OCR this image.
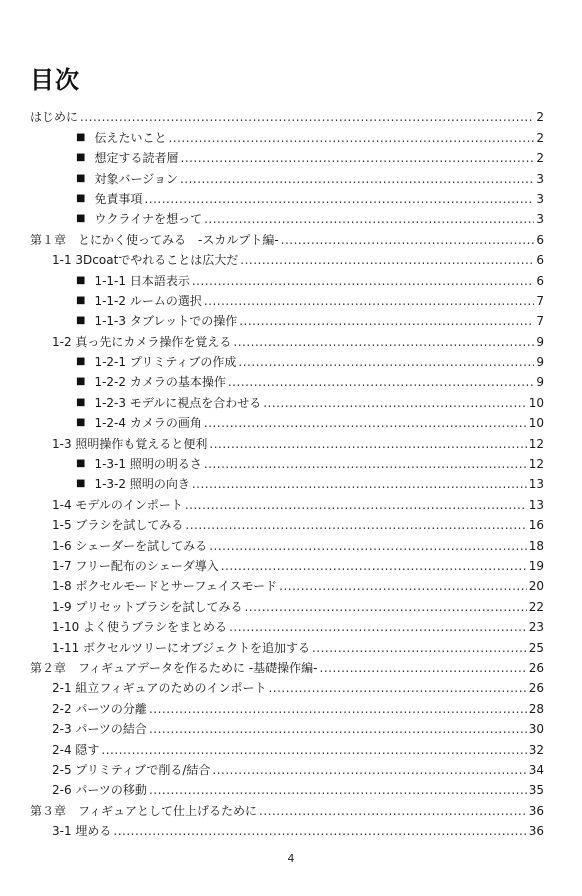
目次
はじめに .....	2
■ 伝えたいこと .....	2
■ 想定する読者層 .....	2
■ 対象バージョン .....	3
■ 免責事項 .....	3
■ ウクライナを想って .....	3
第１章　とにかく使ってみる　-スカルプト編- .....	6
1-1 3Dcoatでやれることは広大だ .....	6
■ 1-1-1 日本語表示 .....	6
■ 1-1-2 ルームの選択 .....	7
■ 1-1-3 タブレットでの操作 .....	7
1-2 真っ先にカメラ操作を覚える .....	9
■ 1-2-1 プリミティブの作成 .....	9
■ 1-2-2 カメラの基本操作 .....	9
■ 1-2-3 モデルに視点を合わせる .....	10
■ 1-2-4 カメラの画角 .....	10
1-3 照明操作も覚えると便利 .....	12
■ 1-3-1 照明の明るさ .....	12
■ 1-3-2 照明の向き .....	13
1-4 モデルのインポート .....	13
1-5 ブラシを試してみる .....	16
1-6 シェーダーを試してみる .....	18
1-7 フリー配布のシェーダ導入 .....	19
1-8 ボクセルモードとサーフェイスモード .....	20
1-9 プリセットブラシを試してみる .....	22
1-10 よく使うブラシをまとめる .....	23
1-11 ボクセルツリーにオブジェクトを追加する .....	25
第２章　フィギュアデータを作るために -基礎操作編- .....	26
2-1 組立フィギュアのためのインポート .....	26
2-2 パーツの分離 .....	28
2-3 パーツの結合 .....	30
2-4 隠す .....	32
2-5 プリミティブで削る/結合 .....	34
2-6 パーツの移動 .....	35
第３章　フィギュアとして仕上げるために .....	36
3-1 埋める .....	36
4
